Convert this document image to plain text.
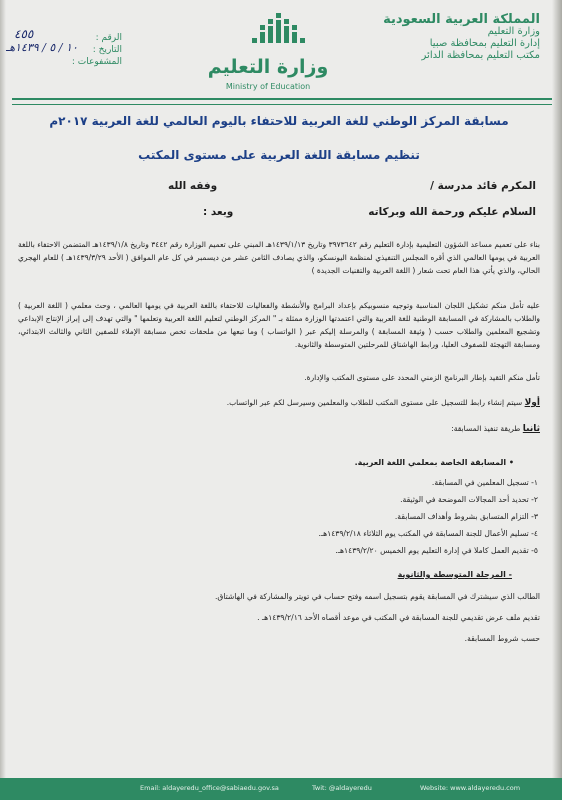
المملكة العربية السعودية
وزارة التعليم
إدارة التعليم بمحافظة صبيا
مكتب التعليم بمحافظة الدائر
وزارة التعليم
Ministry of Education
الرقم :
التاريخ :
المشفوعات :
٤٥٥
١٠ / ٥ / ١٤٣٩هـ
مسابقة المركز الوطني للغة العربية للاحتفاء باليوم العالمي للغة العربية ٢٠١٧م
تنظيم مسابقة اللغة العربية على مستوى المكتب
المكرم قائد مدرسة /
وفقه الله
السلام عليكم ورحمة الله وبركاته
وبعد :
بناء على تعميم مساعد الشؤون التعليمية بإدارة التعليم رقم ٣٩٧٣٦٤٢ وتاريخ ١٤٣٩/١/١٣هـ المبني على تعميم الوزارة رقم ٣٤٤٢ وتاريخ ١٤٣٩/١/٨هـ المتضمن الاحتفاء باللغة العربية في يومها العالمي الذي أقره المجلس التنفيذي لمنظمة اليونسكو، والذي يصادف الثامن عشر من ديسمبر في كل عام الموافق ( الأحد ١٤٣٩/٣/٢٩هـ ) للعام الهجري الحالي، والذي يأتي هذا العام تحت شعار ( اللغة العربية والتقنيات الجديدة )
عليه تأمل منكم تشكيل اللجان المناسبة وتوجيه منسوبيكم بإعداد البرامج والأنشطة والفعاليات للاحتفاء باللغة العربية في يومها العالمي ، وحث معلمي ( اللغة العربية ) والطلاب بالمشاركة في المسابقة الوطنية للغة العربية والتي اعتمدتها الوزارة ممثلة بـ " المركز الوطني لتعليم اللغة العربية وتعلمها " والتي تهدف إلى إبراز الإنتاج الإبداعي وتشجيع المعلمين والطلاب حسب ( وثيقة المسابقة ) والمرسلة إليكم عبر ( الواتساب ) وما تبعها من ملحقات تخص مسابقة الإملاء للصفين الثاني والثالث الابتدائي، ومسابقة التهجئة للصفوف العليا، ورابط الهاشتاق للمرحلتين المتوسطة والثانوية.
تأمل منكم التقيد بإطار البرنامج الزمني المحدد على مستوى المكتب والإدارة.
أولا سيتم إنشاء رابط للتسجيل على مستوى المكتب للطلاب والمعلمين وسيرسل لكم عبر الواتساب.
ثانيا طريقة تنفيذ المسابقة:
• المسابقة الخاصة بمعلمي اللغة العربية.
١- تسجيل المعلمين في المسابقة.
٢- تحديد أحد المجالات الموضحة في الوثيقة.
٣- التزام المتسابق بشروط وأهداف المسابقة.
٤- تسليم الأعمال للجنة المسابقة في المكتب يوم الثلاثاء ١٤٣٩/٢/١٨هـ.
٥- تقديم العمل كاملا في إدارة التعليم يوم الخميس ١٤٣٩/٢/٢٠هـ.
- المرحلة المتوسطة والثانوية
الطالب الذي سيشترك في المسابقة يقوم بتسجيل اسمه وفتح حساب في تويتر والمشاركة في الهاشتاق.
تقديم ملف عرض تقديمي للجنة المسابقة في المكتب في موعد أقصاه الأحد ١٤٣٩/٢/١٦هـ .
حسب شروط المسابقة.
Email: aldayeredu_office@sabiaedu.gov.sa	Twit: @aldayeredu	Website: www.aldayeredu.com
